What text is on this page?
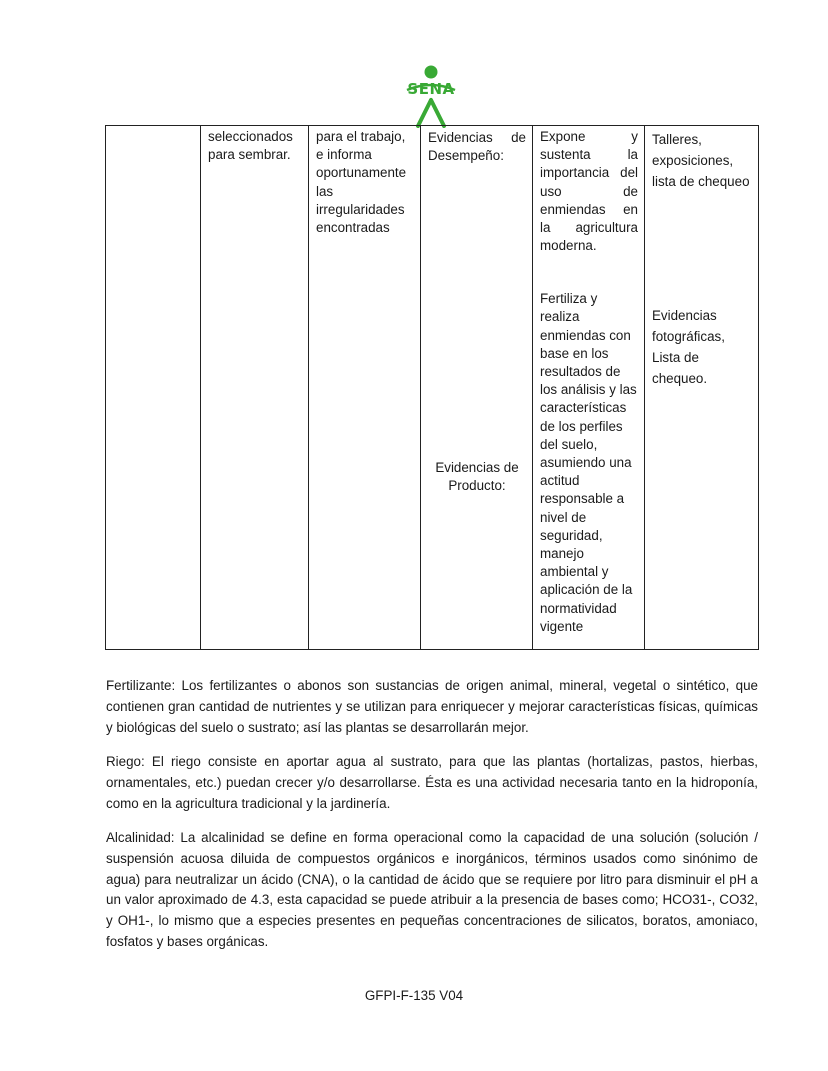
SENA

	seleccionados para sembrar.	para el trabajo, e informa oportunamente las irregularidades encontradas	Evidencias de Desempeño:	Expone y sustenta la importancia del uso de enmiendas en la agricultura moderna.	Talleres, exposiciones, lista de chequeo

			Evidencias de Producto:	Fertiliza y realiza enmiendas con base en los resultados de los análisis y las características de los perfiles del suelo, asumiendo una actitud responsable a nivel de seguridad, manejo ambiental y aplicación de la normatividad vigente	Evidencias fotográficas, Lista de chequeo.

Fertilizante: Los fertilizantes o abonos son sustancias de origen animal, mineral, vegetal o sintético, que contienen gran cantidad de nutrientes y se utilizan para enriquecer y mejorar características físicas, químicas y biológicas del suelo o sustrato; así las plantas se desarrollarán mejor.

Riego: El riego consiste en aportar agua al sustrato, para que las plantas (hortalizas, pastos, hierbas, ornamentales, etc.) puedan crecer y/o desarrollarse. Ésta es una actividad necesaria tanto en la hidroponía, como en la agricultura tradicional y la jardinería.

Alcalinidad: La alcalinidad se define en forma operacional como la capacidad de una solución (solución / suspensión acuosa diluida de compuestos orgánicos e inorgánicos, términos usados como sinónimo de agua) para neutralizar un ácido (CNA), o la cantidad de ácido que se requiere por litro para disminuir el pH a un valor aproximado de 4.3, esta capacidad se puede atribuir a la presencia de bases como; HCO31-, CO32, y OH1-, lo mismo que a especies presentes en pequeñas concentraciones de silicatos, boratos, amoniaco, fosfatos y bases orgánicas.

GFPI-F-135 V04
